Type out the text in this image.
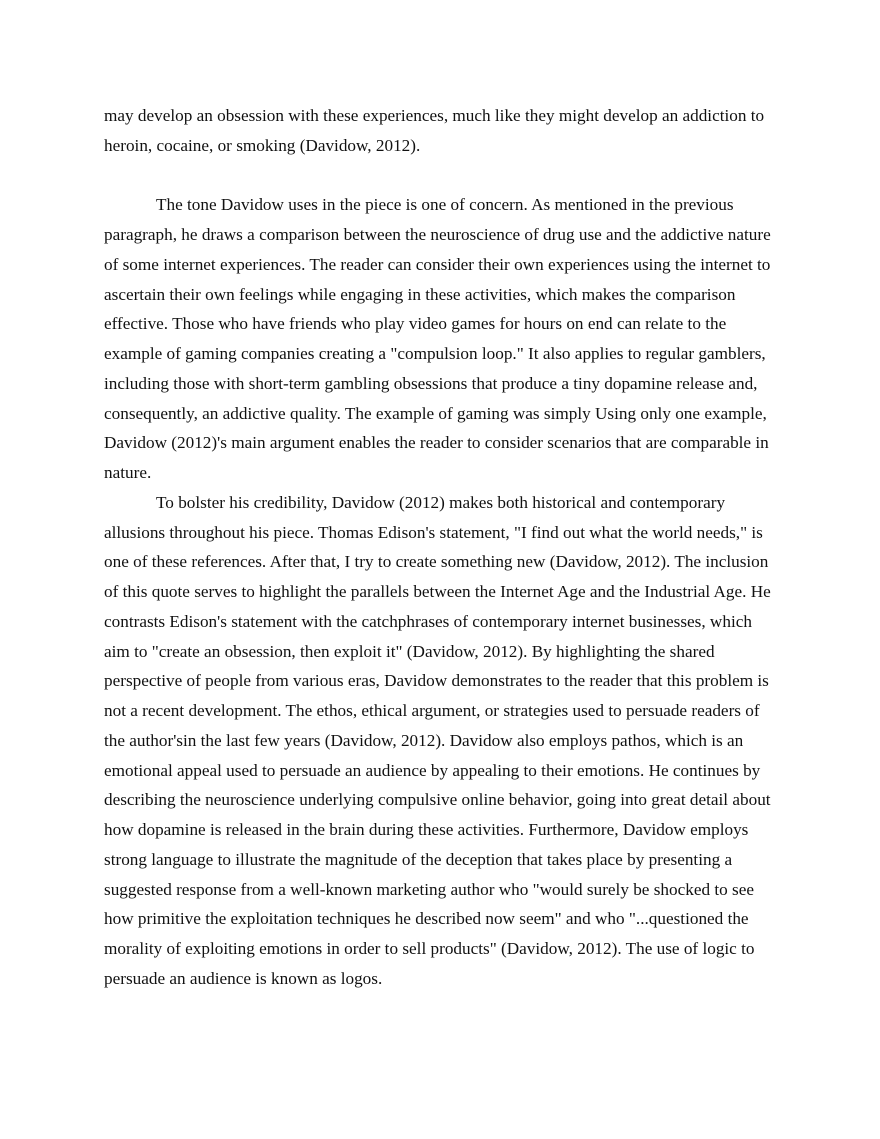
may develop an obsession with these experiences, much like they might develop an addiction to
heroin, cocaine, or smoking (Davidow, 2012).
The tone Davidow uses in the piece is one of concern. As mentioned in the previous
paragraph, he draws a comparison between the neuroscience of drug use and the addictive nature
of some internet experiences. The reader can consider their own experiences using the internet to
ascertain their own feelings while engaging in these activities, which makes the comparison
effective. Those who have friends who play video games for hours on end can relate to the
example of gaming companies creating a "compulsion loop." It also applies to regular gamblers,
including those with short-term gambling obsessions that produce a tiny dopamine release and,
consequently, an addictive quality. The example of gaming was simply Using only one example,
Davidow (2012)'s main argument enables the reader to consider scenarios that are comparable in
nature.
To bolster his credibility, Davidow (2012) makes both historical and contemporary
allusions throughout his piece. Thomas Edison's statement, "I find out what the world needs," is
one of these references. After that, I try to create something new (Davidow, 2012). The inclusion
of this quote serves to highlight the parallels between the Internet Age and the Industrial Age. He
contrasts Edison's statement with the catchphrases of contemporary internet businesses, which
aim to "create an obsession, then exploit it" (Davidow, 2012). By highlighting the shared
perspective of people from various eras, Davidow demonstrates to the reader that this problem is
not a recent development. The ethos, ethical argument, or strategies used to persuade readers of
the author'sin the last few years (Davidow, 2012). Davidow also employs pathos, which is an
emotional appeal used to persuade an audience by appealing to their emotions. He continues by
describing the neuroscience underlying compulsive online behavior, going into great detail about
how dopamine is released in the brain during these activities. Furthermore, Davidow employs
strong language to illustrate the magnitude of the deception that takes place by presenting a
suggested response from a well-known marketing author who "would surely be shocked to see
how primitive the exploitation techniques he described now seem" and who "...questioned the
morality of exploiting emotions in order to sell products" (Davidow, 2012). The use of logic to
persuade an audience is known as logos.
